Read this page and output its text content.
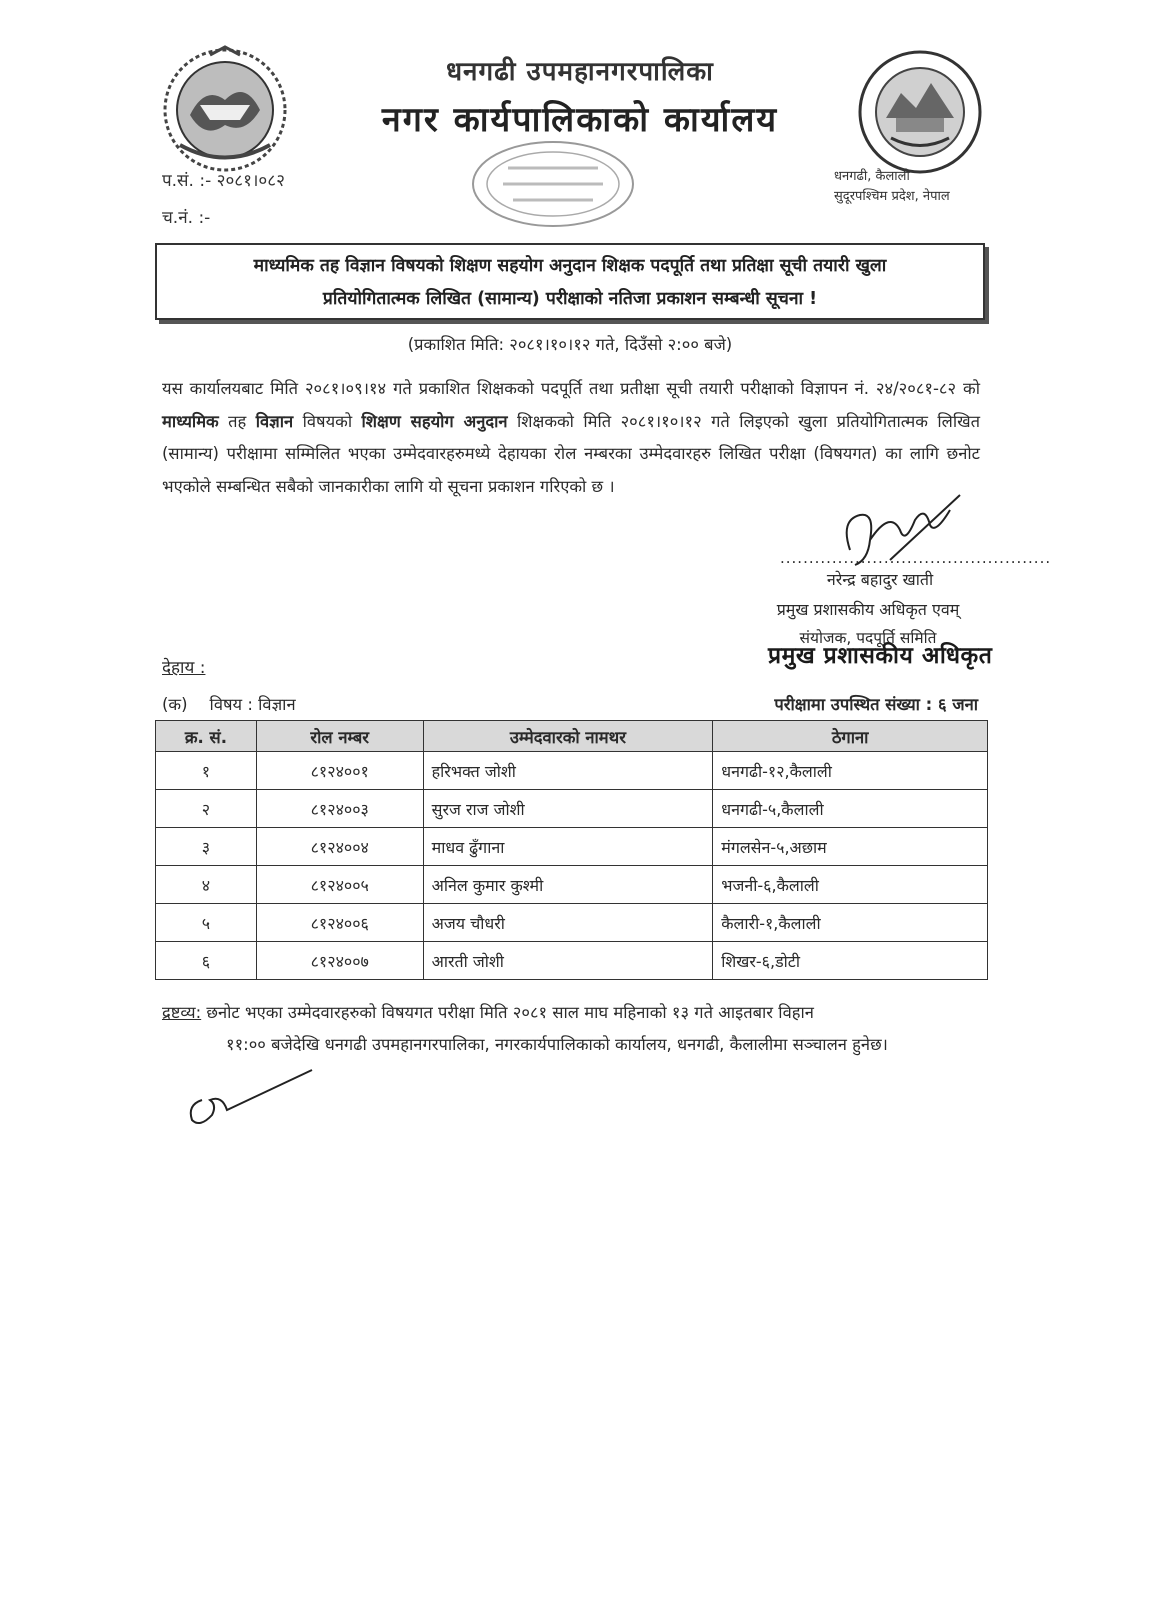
धनगढी उपमहानगरपालिका
नगर कार्यपालिकाको कार्यालय
प.सं. :- २०८१।०८२
च.नं. :-
धनगढी, कैलाली
सुदूरपश्चिम प्रदेश, नेपाल
माध्यमिक तह विज्ञान विषयको शिक्षण सहयोग अनुदान शिक्षक पदपूर्ति तथा प्रतिक्षा सूची तयारी खुला
प्रतियोगितात्मक लिखित (सामान्य) परीक्षाको नतिजा प्रकाशन सम्बन्धी सूचना !
(प्रकाशित मिति: २०८१।१०।१२ गते, दिउँसो २:०० बजे)
यस कार्यालयबाट मिति २०८१।०९।१४ गते प्रकाशित शिक्षकको पदपूर्ति तथा प्रतीक्षा सूची तयारी परीक्षाको विज्ञापन नं. २४/२०८१-८२ को माध्यमिक तह विज्ञान विषयको शिक्षण सहयोग अनुदान शिक्षकको मिति २०८१।१०।१२ गते लिइएको खुला प्रतियोगितात्मक लिखित (सामान्य) परीक्षामा सम्मिलित भएका उम्मेदवारहरुमध्ये देहायका रोल नम्बरका उम्मेदवारहरु लिखित परीक्षा (विषयगत) का लागि छनोट भएकोले सम्बन्धित सबैको जानकारीका लागि यो सूचना प्रकाशन गरिएको छ ।
...............................................
नरेन्द्र बहादुर खाती
प्रमुख प्रशासकीय अधिकृत एवम्
संयोजक, पदपूर्ति समिति
प्रमुख प्रशासकीय अधिकृत
देहाय :
(क) विषय : विज्ञान	परीक्षामा उपस्थित संख्या : ६ जना
क्र. सं.	रोल नम्बर	उम्मेदवारको नामथर	ठेगाना
१	८१२४००१	हरिभक्त जोशी	धनगढी-१२,कैलाली
२	८१२४००३	सुरज राज जोशी	धनगढी-५,कैलाली
३	८१२४००४	माधव ढुँगाना	मंगलसेन-५,अछाम
४	८१२४००५	अनिल कुमार कुश्मी	भजनी-६,कैलाली
५	८१२४००६	अजय चौधरी	कैलारी-१,कैलाली
६	८१२४००७	आरती जोशी	शिखर-६,डोटी
द्रष्टव्य: छनोट भएका उम्मेदवारहरुको विषयगत परीक्षा मिति २०८१ साल माघ महिनाको १३ गते आइतबार विहान
११:०० बजेदेखि धनगढी उपमहानगरपालिका, नगरकार्यपालिकाको कार्यालय, धनगढी, कैलालीमा सञ्चालन हुनेछ।
